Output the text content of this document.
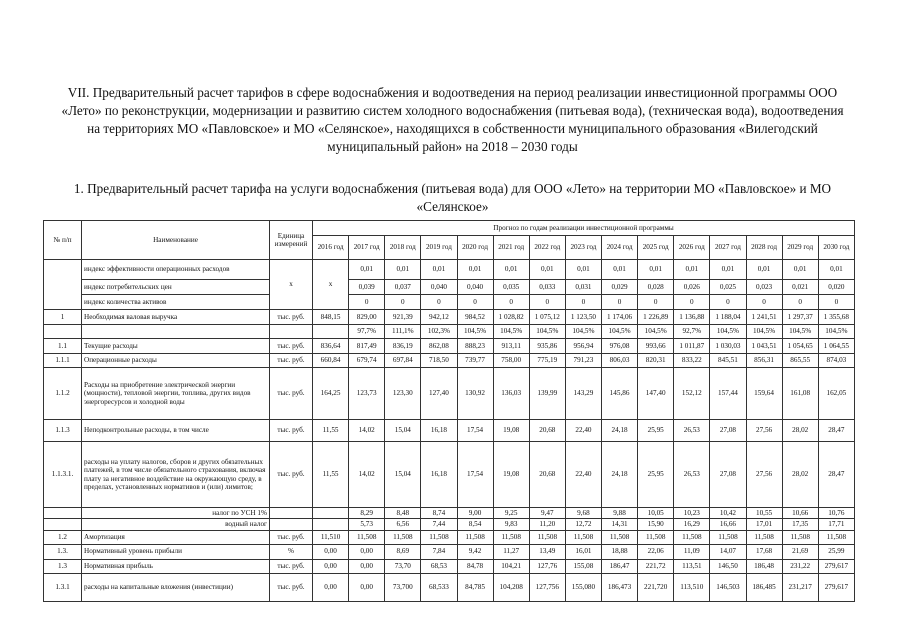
VII. Предварительный расчет тарифов в сфере водоснабжения и водоотведения на период реализации инвестиционной программы ООО «Лето» по реконструкции, модернизации и развитию систем холодного водоснабжения (питьевая вода), (техническая вода), водоотведения на территориях МО «Павловское» и МО «Селянское», находящихся в собственности муниципального образования «Вилегодский муниципальный район» на 2018 – 2030 годы
1. Предварительный расчет тарифа на услуги водоснабжения (питьевая вода) для ООО «Лето» на территории МО «Павловское» и МО «Селянское»
№ п/п	Наименование	Единица измерений	Прогноз по годам реализации инвестиционной программы														
			2016 год	2017 год	2018 год	2019 год	2020 год	2021 год	2022 год	2023 год	2024 год	2025 год	2026 год	2027 год	2028 год	2029 год	2030 год
	индекс эффективности операционных расходов	х	х	0,01	0,01	0,01	0,01	0,01	0,01	0,01	0,01	0,01	0,01	0,01	0,01	0,01	0,01
	индекс потребительских цен			0,039	0,037	0,040	0,040	0,035	0,033	0,031	0,029	0,028	0,026	0,025	0,023	0,021	0,020
	индекс количества активов			0	0	0	0	0	0	0	0	0	0	0	0	0	0
1	Необходимая валовая выручка	тыс. руб.	848,15	829,00	921,39	942,12	984,52	1 028,82	1 075,12	1 123,50	1 174,06	1 226,89	1 136,88	1 188,04	1 241,51	1 297,37	1 355,68
				97,7%	111,1%	102,3%	104,5%	104,5%	104,5%	104,5%	104,5%	104,5%	92,7%	104,5%	104,5%	104,5%	104,5%
1.1	Текущие расходы	тыс. руб.	836,64	817,49	836,19	862,08	888,23	913,11	935,86	956,94	976,08	993,66	1 011,87	1 030,03	1 043,51	1 054,65	1 064,55
1.1.1	Операционные расходы	тыс. руб.	660,84	679,74	697,84	718,50	739,77	758,00	775,19	791,23	806,03	820,31	833,22	845,51	856,31	865,55	874,03
1.1.2	Расходы на приобретение электрической энергии (мощности), тепловой энергии, топлива, других видов энергоресурсов и холодной воды	тыс. руб.	164,25	123,73	123,30	127,40	130,92	136,03	139,99	143,29	145,86	147,40	152,12	157,44	159,64	161,08	162,05
1.1.3	Неподконтрольные расходы, в том числе	тыс. руб.	11,55	14,02	15,04	16,18	17,54	19,08	20,68	22,40	24,18	25,95	26,53	27,08	27,56	28,02	28,47
1.1.3.1.	расходы на уплату налогов, сборов и других обязательных платежей, в том числе обязательного страхования, включая плату за негативное воздействие на окружающую среду, в пределах, установленных нормативов и (или) лимитов;	тыс. руб.	11,55	14,02	15,04	16,18	17,54	19,08	20,68	22,40	24,18	25,95	26,53	27,08	27,56	28,02	28,47
	налог по УСН 1%			8,29	8,48	8,74	9,00	9,25	9,47	9,68	9,88	10,05	10,23	10,42	10,55	10,66	10,76
	водный налог			5,73	6,56	7,44	8,54	9,83	11,20	12,72	14,31	15,90	16,29	16,66	17,01	17,35	17,71
1.2	Амортизация	тыс. руб.	11,510	11,508	11,508	11,508	11,508	11,508	11,508	11,508	11,508	11,508	11,508	11,508	11,508	11,508	11,508
1.3.	Нормативный уровень прибыли	%	0,00	0,00	8,69	7,84	9,42	11,27	13,49	16,01	18,88	22,06	11,09	14,07	17,68	21,69	25,99
1.3	Нормативная прибыль	тыс. руб.	0,00	0,00	73,70	68,53	84,78	104,21	127,76	155,08	186,47	221,72	113,51	146,50	186,48	231,22	279,617
1.3.1	расходы на капитальные вложения (инвестиции)	тыс. руб.	0,00	0,00	73,700	68,533	84,785	104,208	127,756	155,080	186,473	221,720	113,510	146,503	186,485	231,217	279,617
